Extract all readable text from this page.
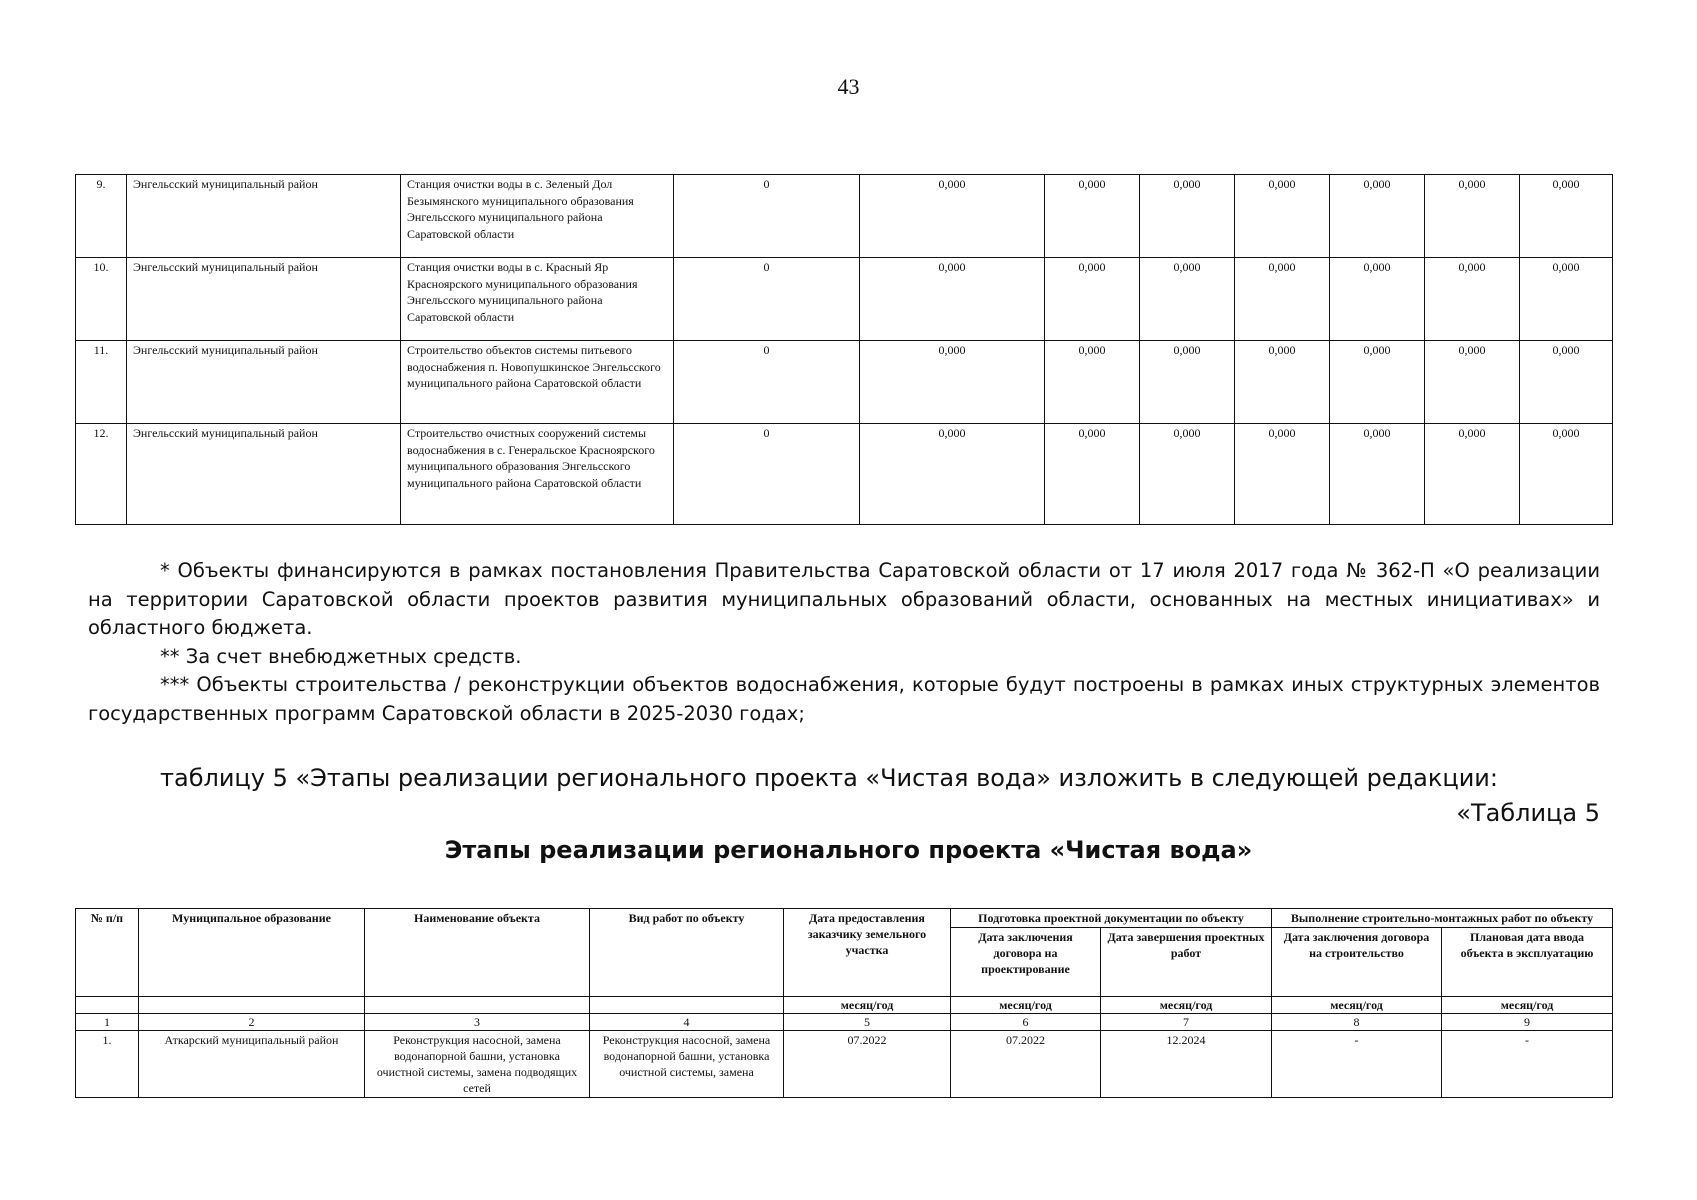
43
9.	Энгельсский муниципальный район	Станция очистки воды в с. Зеленый Дол Безымянского муниципального образования Энгельсского муниципального района Саратовской области	0	0,000	0,000	0,000	0,000	0,000	0,000	0,000
10.	Энгельсский муниципальный район	Станция очистки воды в с. Красный Яр Красноярского муниципального образования Энгельсского муниципального района Саратовской области	0	0,000	0,000	0,000	0,000	0,000	0,000	0,000
11.	Энгельсский муниципальный район	Строительство объектов системы питьевого водоснабжения п. Новопушкинское Энгельсского муниципального района Саратовской области	0	0,000	0,000	0,000	0,000	0,000	0,000	0,000
12.	Энгельсский муниципальный район	Строительство очистных сооружений системы водоснабжения в с. Генеральское Красноярского муниципального образования Энгельсского муниципального района Саратовской области	0	0,000	0,000	0,000	0,000	0,000	0,000	0,000

* Объекты финансируются в рамках постановления Правительства Саратовской области от 17 июля 2017 года № 362-П «О реализации на территории Саратовской области проектов развития муниципальных образований области, основанных на местных инициативах» и областного бюджета.

** За счет внебюджетных средств.

*** Объекты строительства / реконструкции объектов водоснабжения, которые будут построены в рамках иных структурных элементов государственных программ Саратовской области в 2025-2030 годах;

таблицу 5 «Этапы реализации регионального проекта «Чистая вода» изложить в следующей редакции:
«Таблица 5
Этапы реализации регионального проекта «Чистая вода»
№ п/п	Муниципальное образование	Наименование объекта	Вид работ по объекту	Дата предоставления заказчику земельного участка	Подготовка проектной документации по объекту		Выполнение строительно-монтажных работ по объекту	
					Дата заключения договора на проектирование	Дата завершения проектных работ	Дата заключения договора на строительство	Плановая дата ввода объекта в эксплуатацию
				месяц/год	месяц/год	месяц/год	месяц/год	месяц/год
1	2	3	4	5	6	7	8	9
1.	Аткарский муниципальный район	Реконструкция насосной, замена водонапорной башни, установка очистной системы, замена подводящих сетей	Реконструкция насосной, замена водонапорной башни, установка очистной системы, замена	07.2022	07.2022	12.2024	-	-
